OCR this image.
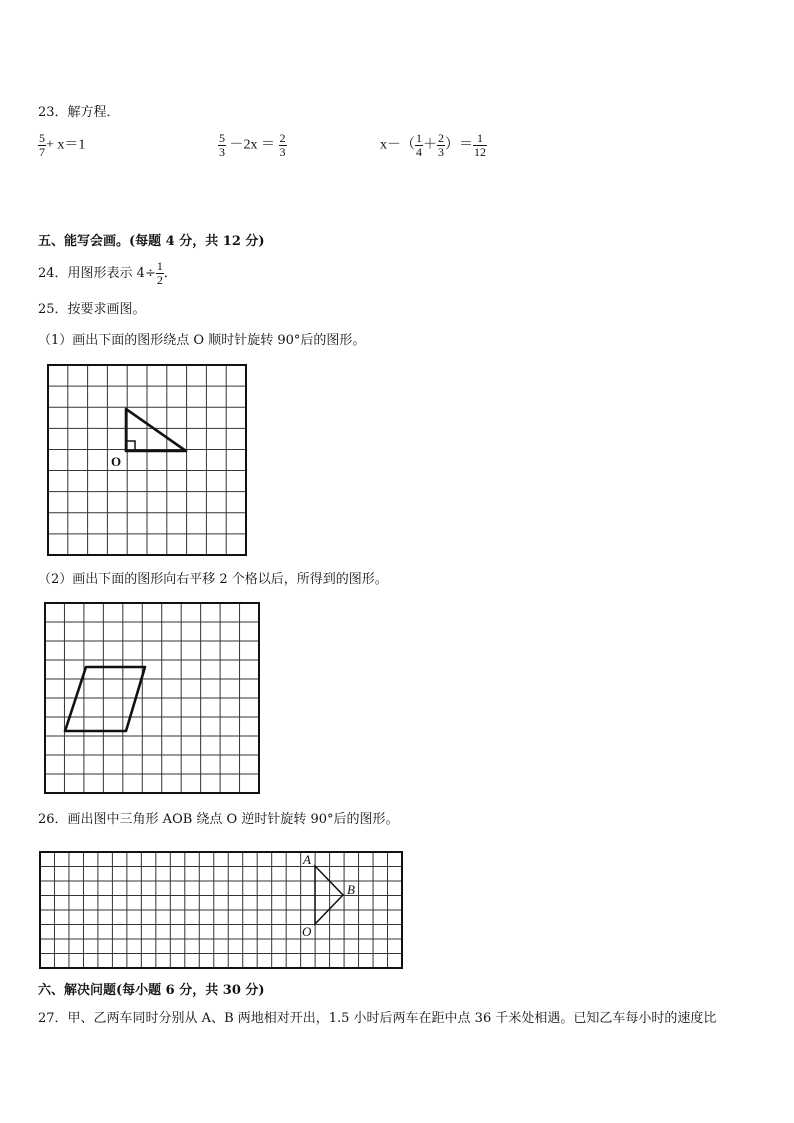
23．解方程．
$\frac{5}{7} + x=1$	$\frac{5}{3} -2x = \frac{2}{3}$	$x-( \frac{1}{4} + \frac{2}{3}$ ）＝ $\frac{1}{12}$
五、能写会画。(每题 4 分，共 12 分)
24．用图形表示 $4\div \frac{1}{2}$ ．
25．按要求画图。
（1）画出下面的图形绕点 O 顺时针旋转 90°后的图形。
O
（2）画出下面的图形向右平移 2 个格以后，所得到的图形。
26．画出图中三角形 AOB 绕点 O 逆时针旋转 90°后的图形。
A
B
O
六、解决问题(每小题 6 分，共 30 分)
27．甲、乙两车同时分别从 A、B 两地相对开出，1.5 小时后两车在距中点 36 千米处相遇。已知乙车每小时的速度比
